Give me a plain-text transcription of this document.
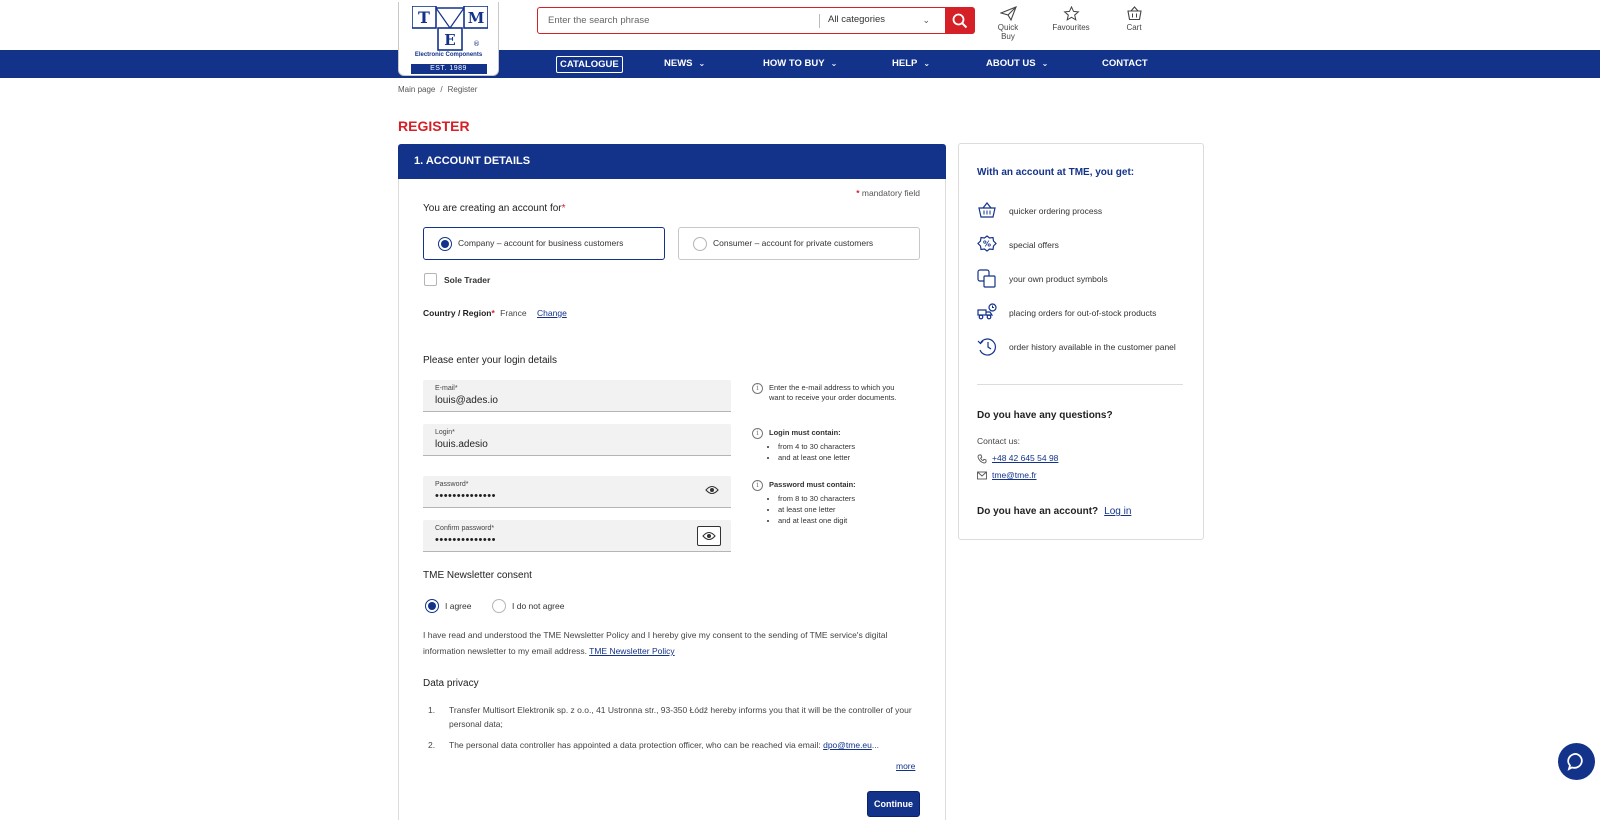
T	M
E ®
Electronic Components
EST. 1989
Enter the search phrase
All categories	⌄
Quick Buy
Favourites	Cart
CATALOGUE	NEWS ⌄	HOW TO BUY ⌄	HELP ⌄	ABOUT US ⌄	CONTACT
Main page / Register
REGISTER
1. ACCOUNT DETAILS
* mandatory field
You are creating an account for*
Company – account for business customers	Consumer – account for private customers
Sole Trader
Country / Region* France Change
Please enter your login details
E-mail*
louis@ades.io
Login*
louis.adesio
Password*
••••••••••••••
Confirm password*
••••••••••••••
i	Enter the e-mail address to which you want to receive your order documents.
i	Login must contain:
• from 4 to 30 characters
• and at least one letter
i	Password must contain:
• from 8 to 30 characters
• at least one letter
• and at least one digit
TME Newsletter consent
I agree	I do not agree
I have read and understood the TME Newsletter Policy and I hereby give my consent to the sending of TME service's digital information newsletter to my email address. TME Newsletter Policy
Data privacy
1. Transfer Multisort Elektronik sp. z o.o., 41 Ustronna str., 93-350 Łódź hereby informs you that it will be the controller of your personal data;
2. The personal data controller has appointed a data protection officer, who can be reached via email: dpo@tme.eu...
more
Continue
With an account at TME, you get:
quicker ordering process
% special offers
your own product symbols
placing orders for out-of-stock products
order history available in the customer panel
Do you have any questions?
Contact us:
+48 42 645 54 98
tme@tme.fr
Do you have an account? Log in
